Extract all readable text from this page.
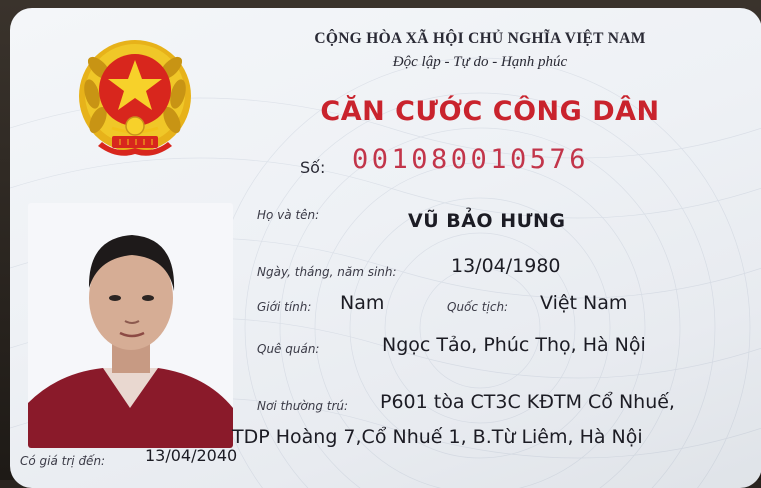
CỘNG HÒA XÃ HỘI CHỦ NGHĨA VIỆT NAM
Độc lập - Tự do - Hạnh phúc
CĂN CƯỚC CÔNG DÂN
Số: 001080010576
Họ và tên:	VŨ BẢO HƯNG
Ngày, tháng, năm sinh:	13/04/1980
Giới tính: Nam	Quốc tịch: Việt Nam
Quê quán:	Ngọc Tảo, Phúc Thọ, Hà Nội
Nơi thường trú: P601 tòa CT3C KĐTM Cổ Nhuế,
TDP Hoàng 7,Cổ Nhuế 1, B.Từ Liêm, Hà Nội
Có giá trị đến: 13/04/2040
